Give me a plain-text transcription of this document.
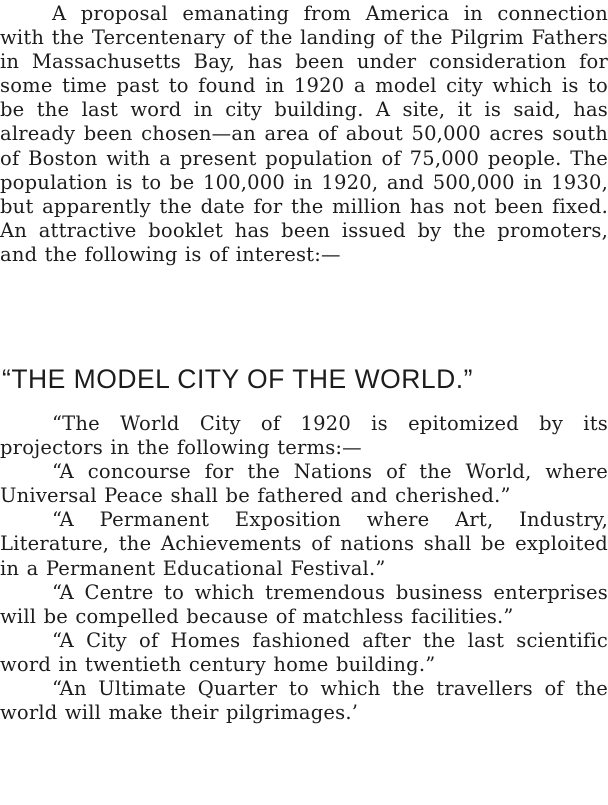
A proposal emanating from America in connection with the Tercentenary of the landing of the Pilgrim Fathers in Massachusetts Bay, has been under consideration for some time past to found in 1920 a model city which is to be the last word in city building. A site, it is said, has already been chosen—an area of about 50,000 acres south of Boston with a present population of 75,000 people. The population is to be 100,000 in 1920, and 500,000 in 1930, but apparently the date for the million has not been fixed. An attractive booklet has been issued by the promoters, and the following is of interest:—

“THE MODEL CITY OF THE WORLD.”

“The World City of 1920 is epitomized by its projectors in the following terms:—

“A concourse for the Nations of the World, where Universal Peace shall be fathered and cherished.”

“A Permanent Exposition where Art, Industry, Literature, the Achievements of nations shall be exploited in a Permanent Educational Festival.”

“A Centre to which tremendous business enterprises will be compelled because of matchless facilities.”

“A City of Homes fashioned after the last scientific word in twentieth century home building.”

“An Ultimate Quarter to which the travellers of the world will make their pilgrimages.’
